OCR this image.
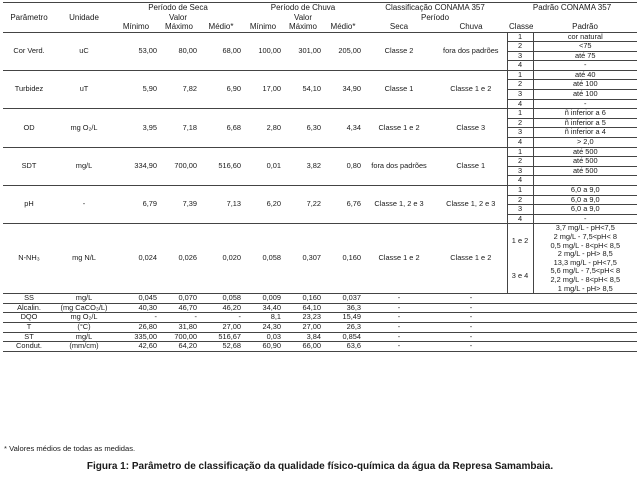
Parâmetro	Unidade	Período de Seca			Período de Chuva			Classificação CONAMA 357		Padrão CONAMA 357	
		Valor			Valor			Período			
		Mínimo	Máximo	Médio*	Mínimo	Máximo	Médio*	Seca	Chuva	Classe	Padrão
Cor Verd.	uC	53,00	80,00	68,00	100,00	301,00	205,00	Classe 2	fora dos padrões	1	cor natural
										2	<75
										3	até 75
										4	-
Turbidez	uT	5,90	7,82	6,90	17,00	54,10	34,90	Classe 1	Classe 1 e 2	1	até 40
										2	até 100
										3	até 100
										4	-
OD	mg O₂/L	3,95	7,18	6,68	2,80	6,30	4,34	Classe 1 e 2	Classe 3	1	ñ inferior a 6
										2	ñ inferior a 5
										3	ñ inferior a 4
										4	> 2,0
SDT	mg/L	334,90	700,00	516,60	0,01	3,82	0,80	fora dos padrões	Classe 1	1	até 500
										2	até 500
										3	até 500
										4	
pH	-	6,79	7,39	7,13	6,20	7,22	6,76	Classe 1, 2 e 3	Classe 1, 2 e 3	1	6,0 a 9,0
										2	6,0 a 9,0
										3	6,0 a 9,0
										4	-
N-NH₃	mg N/L	0,024	0,026	0,020	0,058	0,307	0,160	Classe 1 e 2	Classe 1 e 2	1 e 2	3,7 mg/L - pH<7,5
											2 mg/L - 7,5<pH< 8
											0,5 mg/L - 8<pH< 8,5
											2 mg/L - pH> 8,5
										3 e 4	13,3 mg/L - pH<7,5
											5,6 mg/L - 7,5<pH< 8
											2,2 mg/L - 8<pH< 8,5
											1 mg/L - pH> 8,5
SS	mg/L	0,045	0,070	0,058	0,009	0,160	0,037	-	-		
Alcalin.	(mg CaCO₃/L)	40,30	46,70	46,20	34,40	64,10	36,3	-	-		
DQO	mg O₂/L	-	-	-	8,1	23,23	15,49	-	-		
T	(°C)	26,80	31,80	27,00	24,30	27,00	26,3	-	-		
ST	mg/L	335,00	700,00	516,67	0,03	3,84	0,854	-	-		
Condut.	(mm/cm)	42,60	64,20	52,68	60,90	66,00	63,6	-	-		
* Valores médios de todas as medidas.
Figura 1: Parâmetro de classificação da qualidade físico-química da água da Represa Samambaia.
